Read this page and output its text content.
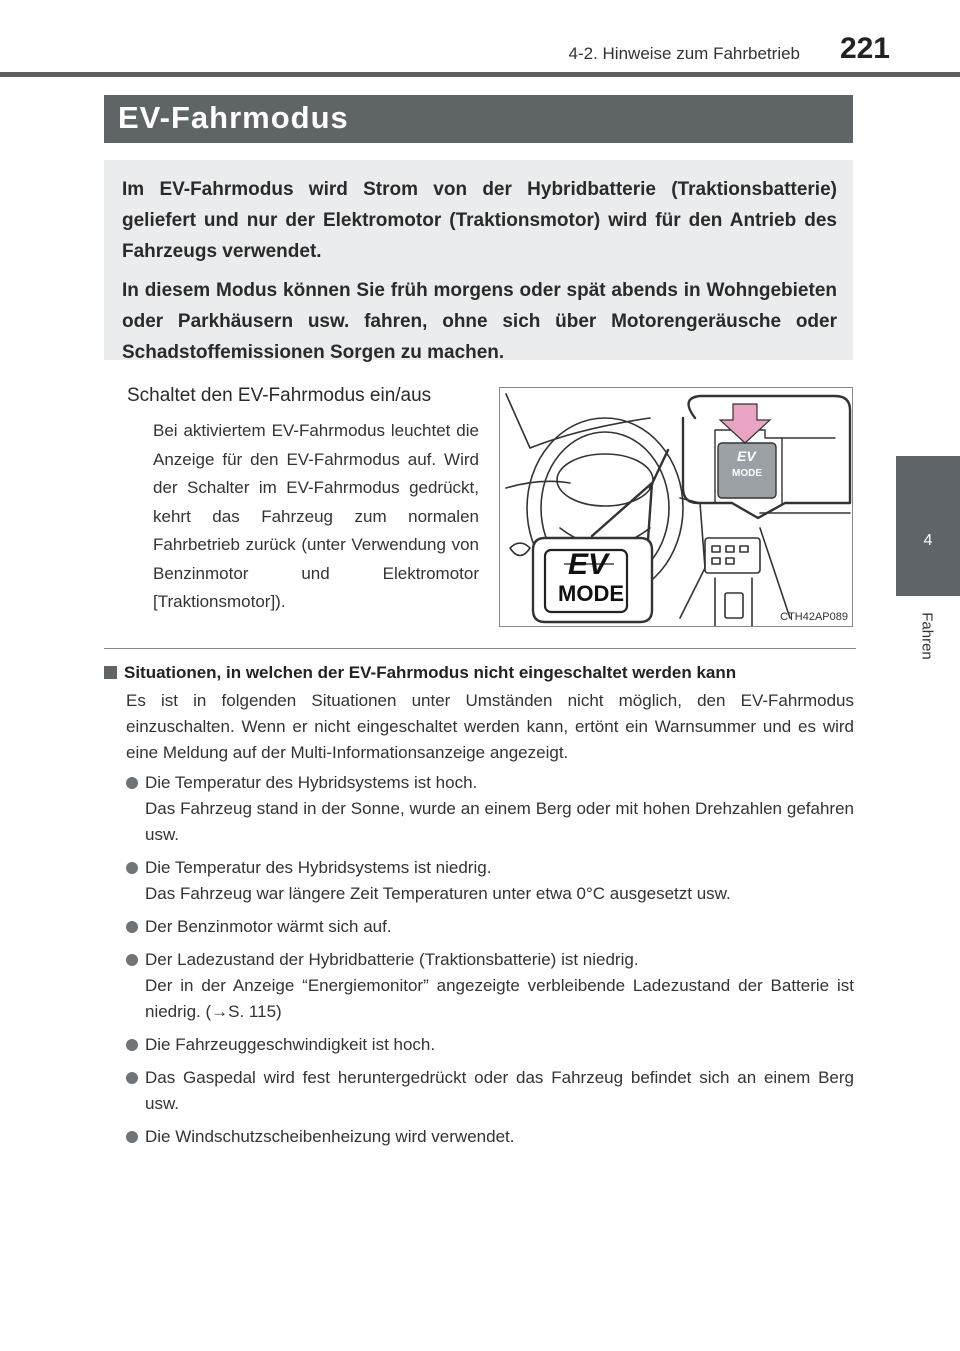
4-2. Hinweise zum Fahrbetrieb	221
4
Fahren
EV-Fahrmodus

Im EV-Fahrmodus wird Strom von der Hybridbatterie (Traktionsbatterie) geliefert und nur der Elektromotor (Traktionsmotor) wird für den Antrieb des Fahrzeugs verwendet.

In diesem Modus können Sie früh morgens oder spät abends in Wohngebieten oder Parkhäusern usw. fahren, ohne sich über Motorengeräusche oder Schadstoffemissionen Sorgen zu machen.

Schaltet den EV-Fahrmodus ein/aus
Bei aktiviertem EV-Fahrmodus leuchtet die Anzeige für den EV-Fahrmodus auf. Wird der Schalter im EV-Fahrmodus gedrückt, kehrt das Fahrzeug zum normalen Fahrbetrieb zurück (unter Verwendung von Benzinmotor und Elektromotor [Traktionsmotor]).
EV
MODE
EV
MODE
CTH42AP089
Situationen, in welchen der EV-Fahrmodus nicht eingeschaltet werden kann
Es ist in folgenden Situationen unter Umständen nicht möglich, den EV-Fahrmodus einzuschalten. Wenn er nicht eingeschaltet werden kann, ertönt ein Warnsummer und es wird eine Meldung auf der Multi-Informationsanzeige angezeigt.
Die Temperatur des Hybridsystems ist hoch.
Das Fahrzeug stand in der Sonne, wurde an einem Berg oder mit hohen Drehzahlen gefahren usw.
Die Temperatur des Hybridsystems ist niedrig.
Das Fahrzeug war längere Zeit Temperaturen unter etwa 0°C ausgesetzt usw.
Der Benzinmotor wärmt sich auf.
Der Ladezustand der Hybridbatterie (Traktionsbatterie) ist niedrig.
Der in der Anzeige “Energiemonitor” angezeigte verbleibende Ladezustand der Batterie ist niedrig. (→S. 115)
Die Fahrzeuggeschwindigkeit ist hoch.
Das Gaspedal wird fest heruntergedrückt oder das Fahrzeug befindet sich an einem Berg usw.
Die Windschutzscheibenheizung wird verwendet.
